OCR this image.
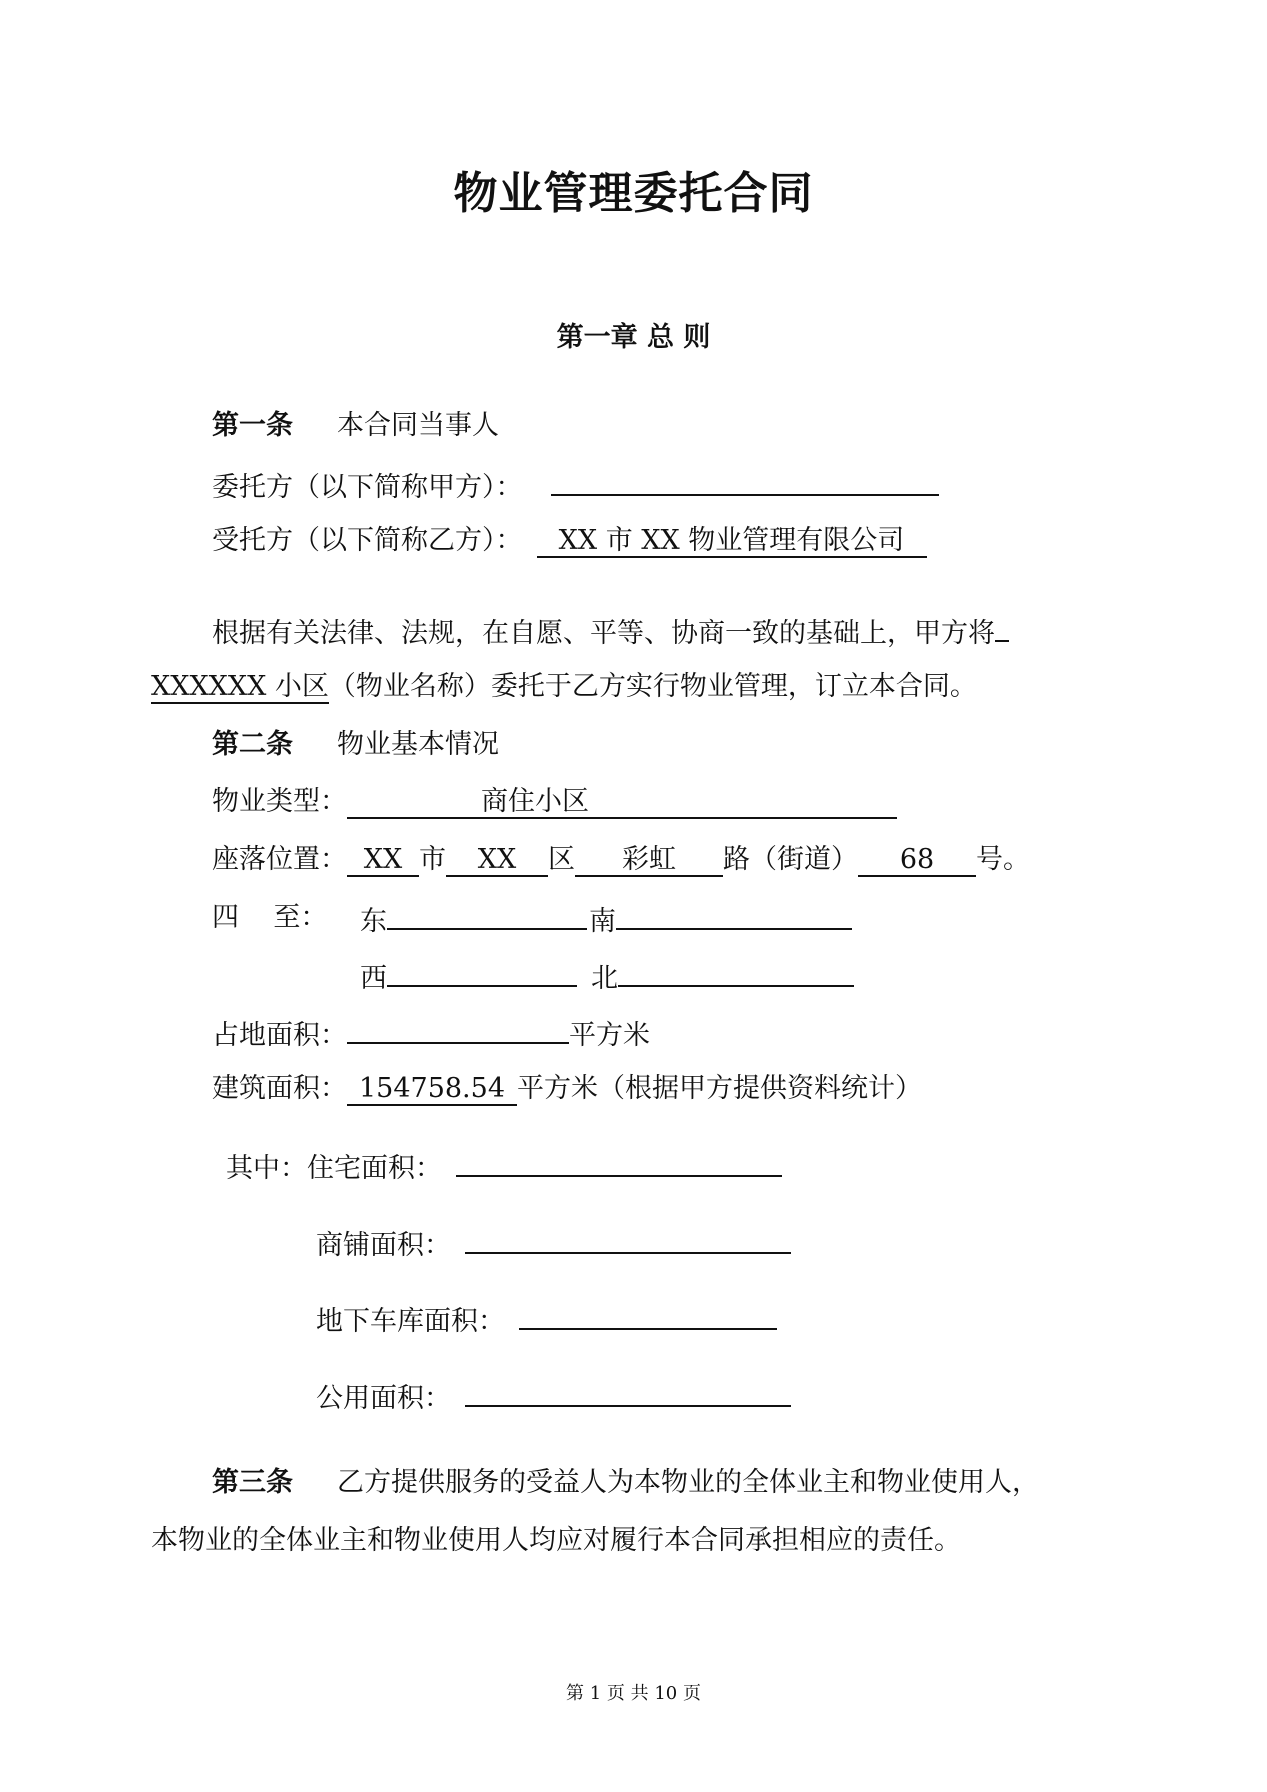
物业管理委托合同
第一章 总 则
第一条 本合同当事人
委托方（以下简称甲方）：
受托方（以下简称乙方）： XX 市 XX 物业管理有限公司
根据有关法律、法规，在自愿、平等、协商一致的基础上，甲方将
XXXXXX 小区（物业名称）委托于乙方实行物业管理，订立本合同。
第二条 物业基本情况
物业类型：	商住小区
座落位置： XX 市 XX 区 彩虹 路（街道） 68 号。
四    至： 东	南
西	北
占地面积：	平方米
建筑面积： 154758.54 平方米（根据甲方提供资料统计）
其中：住宅面积：
商铺面积：
地下车库面积：
公用面积：
第三条 乙方提供服务的受益人为本物业的全体业主和物业使用人，
本物业的全体业主和物业使用人均应对履行本合同承担相应的责任。
第 1 页 共 10 页
